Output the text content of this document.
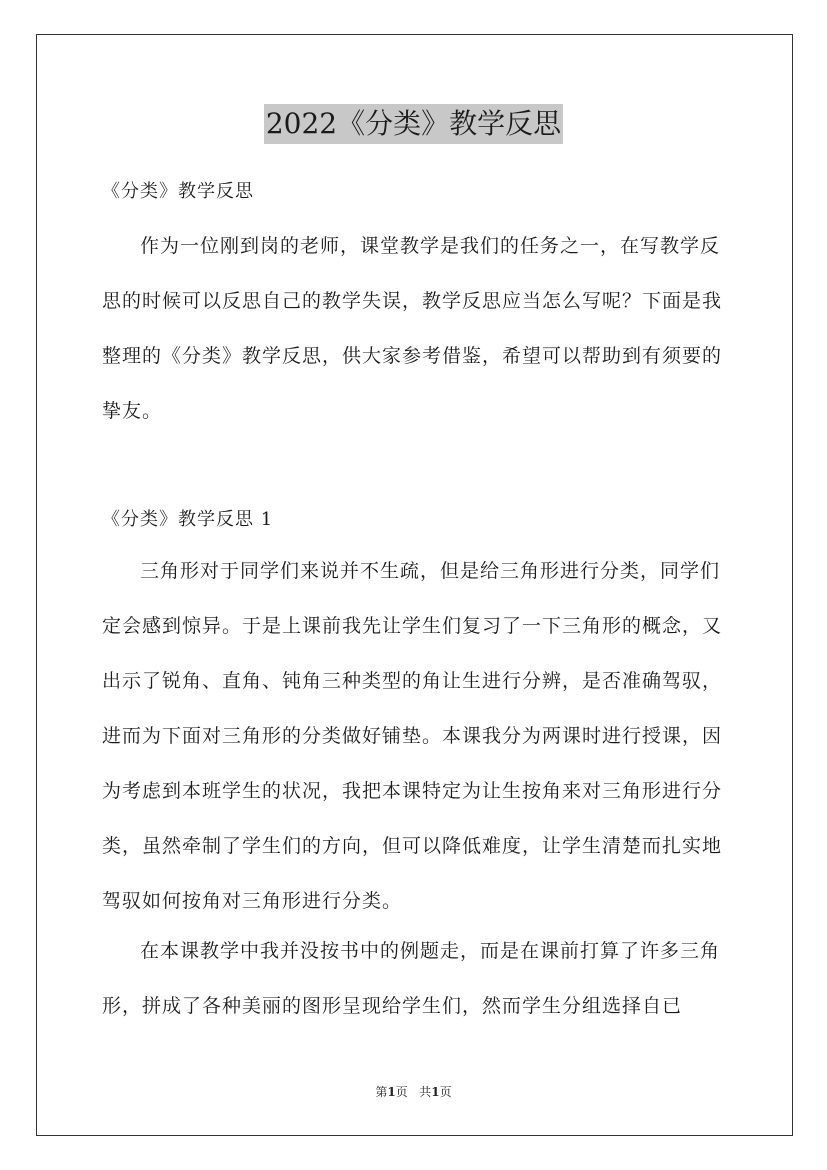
2022《分类》教学反思

《分类》教学反思

作为一位刚到岗的老师，课堂教学是我们的任务之一，在写教学反思的时候可以反思自己的教学失误，教学反思应当怎么写呢？下面是我整理的《分类》教学反思，供大家参考借鉴，希望可以帮助到有须要的挚友。

《分类》教学反思 1

三角形对于同学们来说并不生疏，但是给三角形进行分类，同学们定会感到惊异。于是上课前我先让学生们复习了一下三角形的概念，又出示了锐角、直角、钝角三种类型的角让生进行分辨，是否准确驾驭，进而为下面对三角形的分类做好铺垫。本课我分为两课时进行授课，因为考虑到本班学生的状况，我把本课特定为让生按角来对三角形进行分类，虽然牵制了学生们的方向，但可以降低难度，让学生清楚而扎实地驾驭如何按角对三角形进行分类。

在本课教学中我并没按书中的例题走，而是在课前打算了许多三角形，拼成了各种美丽的图形呈现给学生们，然而学生分组选择自已

第1页   共1页
